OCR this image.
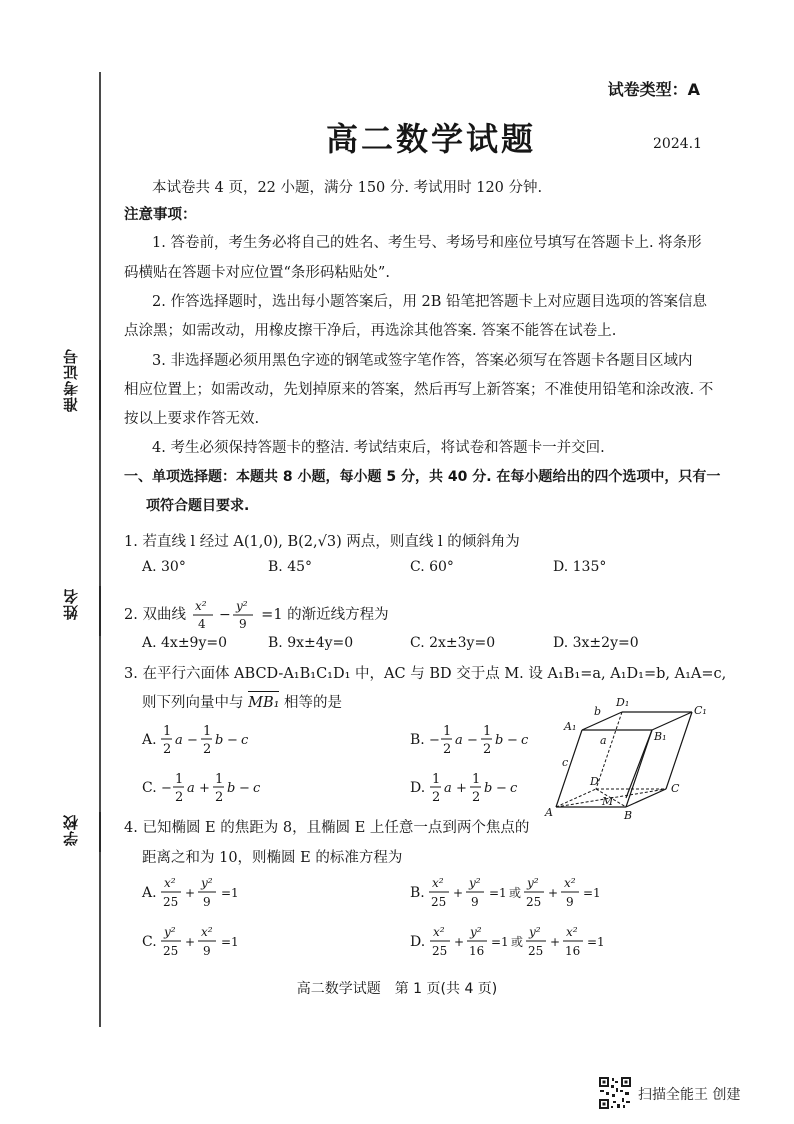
准考证号
姓名
学校
试卷类型：A
高二数学试题	2024.1
本试卷共 4 页，22 小题，满分 150 分. 考试用时 120 分钟.
注意事项：
1. 答卷前，考生务必将自己的姓名、考生号、考场号和座位号填写在答题卡上. 将条形
码横贴在答题卡对应位置“条形码粘贴处”.
2. 作答选择题时，选出每小题答案后，用 2B 铅笔把答题卡上对应题目选项的答案信息
点涂黑；如需改动，用橡皮擦干净后，再选涂其他答案. 答案不能答在试卷上.
3. 非选择题必须用黑色字迹的钢笔或签字笔作答，答案必须写在答题卡各题目区域内
相应位置上；如需改动，先划掉原来的答案，然后再写上新答案；不准使用铅笔和涂改液. 不
按以上要求作答无效.
4. 考生必须保持答题卡的整洁. 考试结束后，将试卷和答题卡一并交回.
一、单项选择题：本题共 8 小题，每小题 5 分，共 40 分. 在每小题给出的四个选项中，只有一
项符合题目要求.
1. 若直线 l 经过 A(1,0), B(2,√3) 两点，则直线 l 的倾斜角为
A. 30°	B. 45°	C. 60°	D. 135°
2. 双曲线
x²
4
−
y²
9
=1 的渐近线方程为
A. 4x±9y=0	B. 9x±4y=0	C. 2x±3y=0	D. 3x±2y=0
3. 在平行六面体 ABCD-A₁B₁C₁D₁ 中，AC 与 BD 交于点 M. 设 A₁B₁=a, A₁D₁=b, A₁A=c,
则下列向量中与 MB₁ 相等的是
A.
1
2
a −
1
2
b − c	B. −
1
2
a −
1
2
b − c
C. −
1
2
a +
1
2
b − c	D.
1
2
a +
1
2
b − c
D₁
C₁
A₁
B₁
A	B
C
D
M
b
a
c
4. 已知椭圆 E 的焦距为 8，且椭圆 E 上任意一点到两个焦点的
距离之和为 10，则椭圆 E 的标准方程为
A.
x²
25
+
y²
9
=1	B.
x²
25
+
y²
9
=1 或
y²
25
+
x²
9
=1
C.
y²
25
+
x²
9
=1	D.
x²
25
+
y²
16
=1 或
y²
25
+
x²
16
=1
高二数学试题　第 1 页(共 4 页)
扫描全能王 创建
